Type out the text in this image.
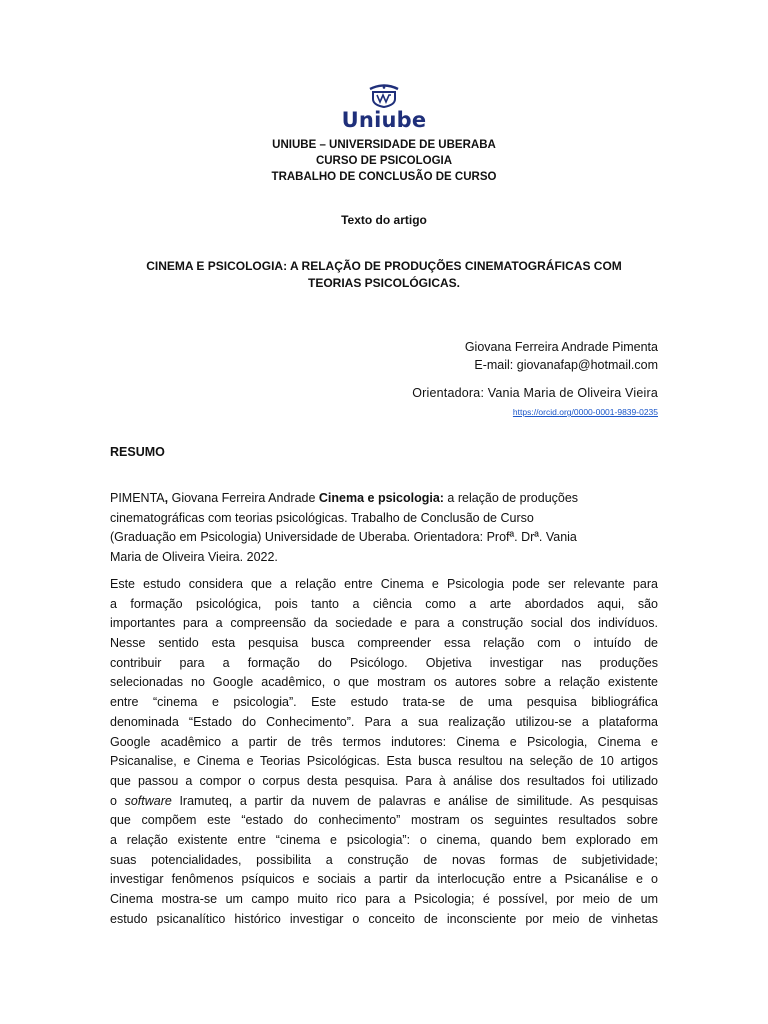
Uniube
UNIUBE – UNIVERSIDADE DE UBERABA
CURSO DE PSICOLOGIA
TRABALHO DE CONCLUSÃO DE CURSO
Texto do artigo
CINEMA E PSICOLOGIA: A RELAÇÃO DE PRODUÇÕES CINEMATOGRÁFICAS COM
TEORIAS PSICOLÓGICAS.
Giovana Ferreira Andrade Pimenta
E-mail: giovanafap@hotmail.com
Orientadora: Vania Maria de Oliveira Vieira
https://orcid.org/0000-0001-9839-0235
RESUMO
PIMENTA, Giovana Ferreira Andrade Cinema e psicologia: a relação de produções
cinematográficas com teorias psicológicas. Trabalho de Conclusão de Curso
(Graduação em Psicologia) Universidade de Uberaba. Orientadora: Profª. Drª. Vania
Maria de Oliveira Vieira. 2022.
Este estudo considera que a relação entre Cinema e Psicologia pode ser relevante para
a formação psicológica, pois tanto a ciência como a arte abordados aqui, são
importantes para a compreensão da sociedade e para a construção social dos indivíduos.
Nesse sentido esta pesquisa busca compreender essa relação com o intuído de
contribuir para a formação do Psicólogo. Objetiva investigar nas produções
selecionadas no Google acadêmico, o que mostram os autores sobre a relação existente
entre “cinema e psicologia”. Este estudo trata-se de uma pesquisa bibliográfica
denominada “Estado do Conhecimento”. Para a sua realização utilizou-se a plataforma
Google acadêmico a partir de três termos indutores: Cinema e Psicologia, Cinema e
Psicanalise, e Cinema e Teorias Psicológicas. Esta busca resultou na seleção de 10 artigos
que passou a compor o corpus desta pesquisa. Para à análise dos resultados foi utilizado
o software Iramuteq, a partir da nuvem de palavras e análise de similitude. As pesquisas
que compõem este “estado do conhecimento” mostram os seguintes resultados sobre
a relação existente entre “cinema e psicologia”: o cinema, quando bem explorado em
suas potencialidades, possibilita a construção de novas formas de subjetividade;
investigar fenômenos psíquicos e sociais a partir da interlocução entre a Psicanálise e o
Cinema mostra-se um campo muito rico para a Psicologia; é possível, por meio de um
estudo psicanalítico histórico investigar o conceito de inconsciente por meio de vinhetas
